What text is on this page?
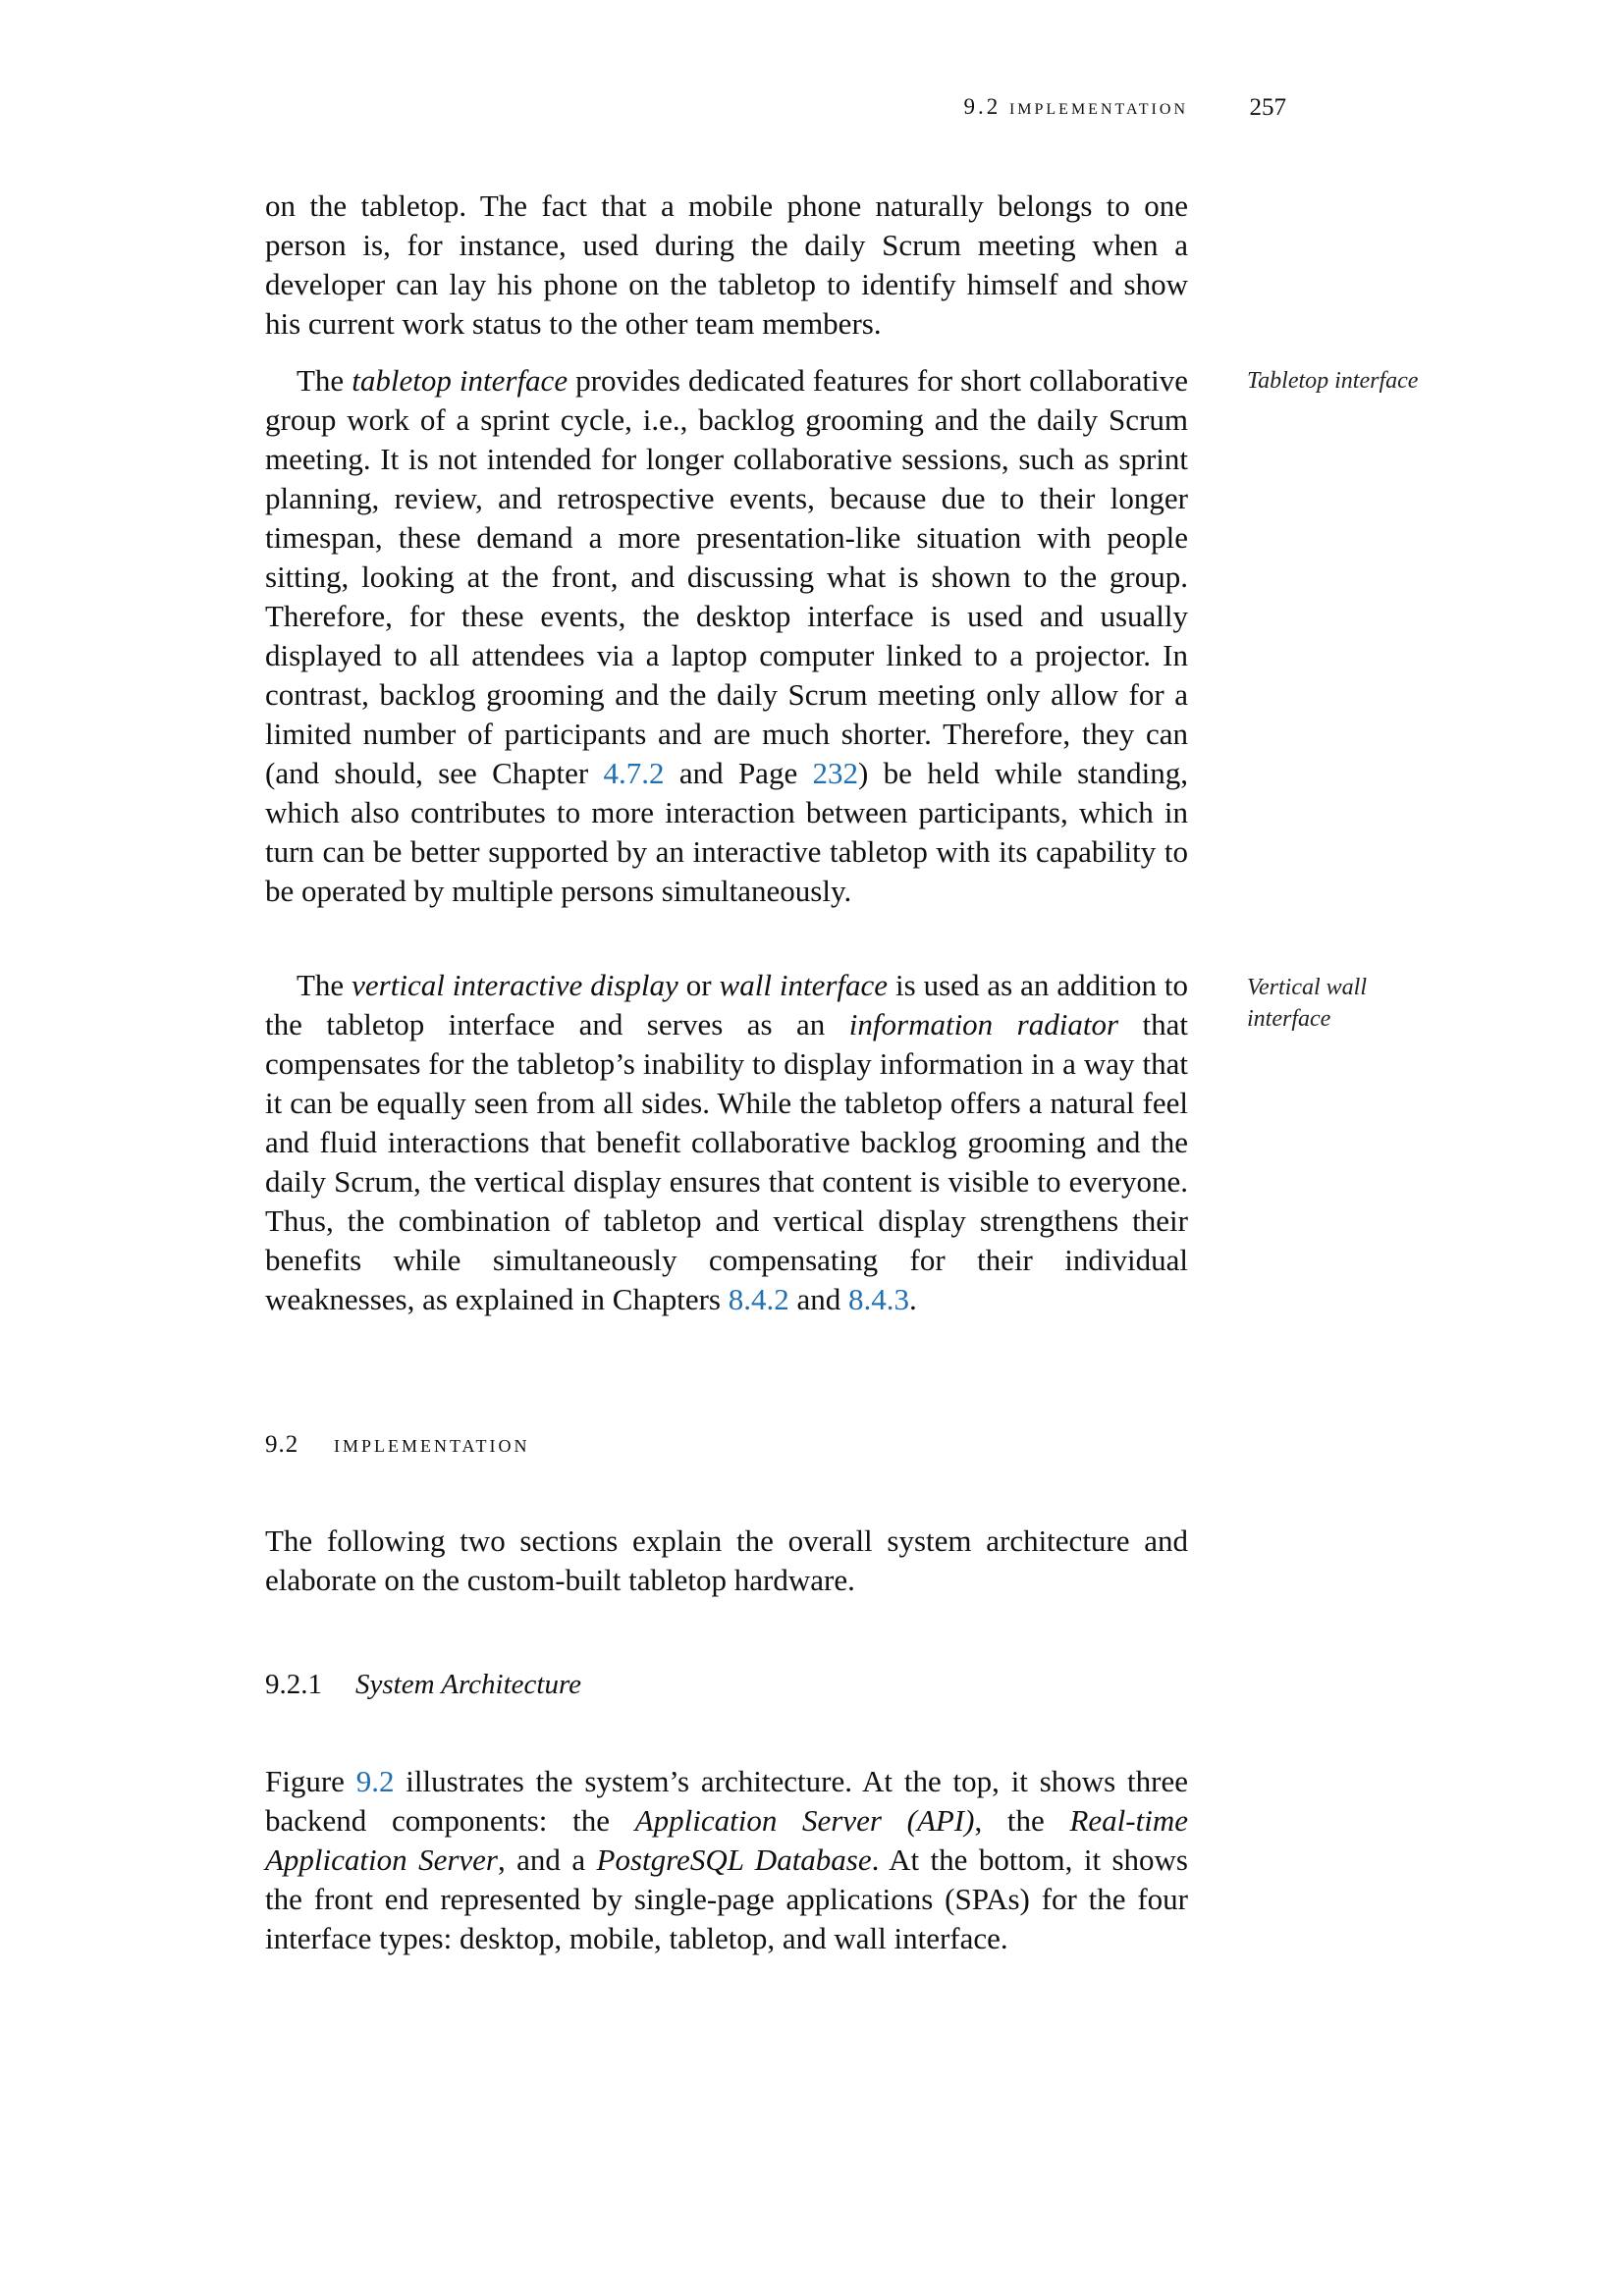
9.2 implementation	257

on the tabletop. The fact that a mobile phone naturally belongs to one person is, for instance, used during the daily Scrum meeting when a developer can lay his phone on the tabletop to identify himself and show his current work status to the other team members.

The tabletop interface provides dedicated features for short collaborative group work of a sprint cycle, i.e., backlog grooming and the daily Scrum meeting. It is not intended for longer collaborative sessions, such as sprint planning, review, and retrospective events, because due to their longer timespan, these demand a more presentation-like situation with people sitting, looking at the front, and discussing what is shown to the group. Therefore, for these events, the desktop interface is used and usually displayed to all attendees via a laptop computer linked to a projector. In contrast, backlog grooming and the daily Scrum meeting only allow for a limited number of participants and are much shorter. Therefore, they can (and should, see Chapter 4.7.2 and Page 232) be held while standing, which also contributes to more interaction between participants, which in turn can be better supported by an interactive tabletop with its capability to be operated by multiple persons simultaneously.

Tabletop interface

The vertical interactive display or wall interface is used as an addition to the tabletop interface and serves as an information radiator that compensates for the tabletop’s inability to display information in a way that it can be equally seen from all sides. While the tabletop offers a natural feel and fluid interactions that benefit collaborative backlog grooming and the daily Scrum, the vertical display ensures that content is visible to everyone. Thus, the combination of tabletop and vertical display strengthens their benefits while simultaneously compensating for their individual weaknesses, as explained in Chapters 8.4.2 and 8.4.3.

Vertical wall interface
9.2 implementation

The following two sections explain the overall system architecture and elaborate on the custom-built tabletop hardware.

9.2.1 System Architecture

Figure 9.2 illustrates the system’s architecture. At the top, it shows three backend components: the Application Server (API), the Real-time Application Server, and a PostgreSQL Database. At the bottom, it shows the front end represented by single-page applications (SPAs) for the four interface types: desktop, mobile, tabletop, and wall interface.
